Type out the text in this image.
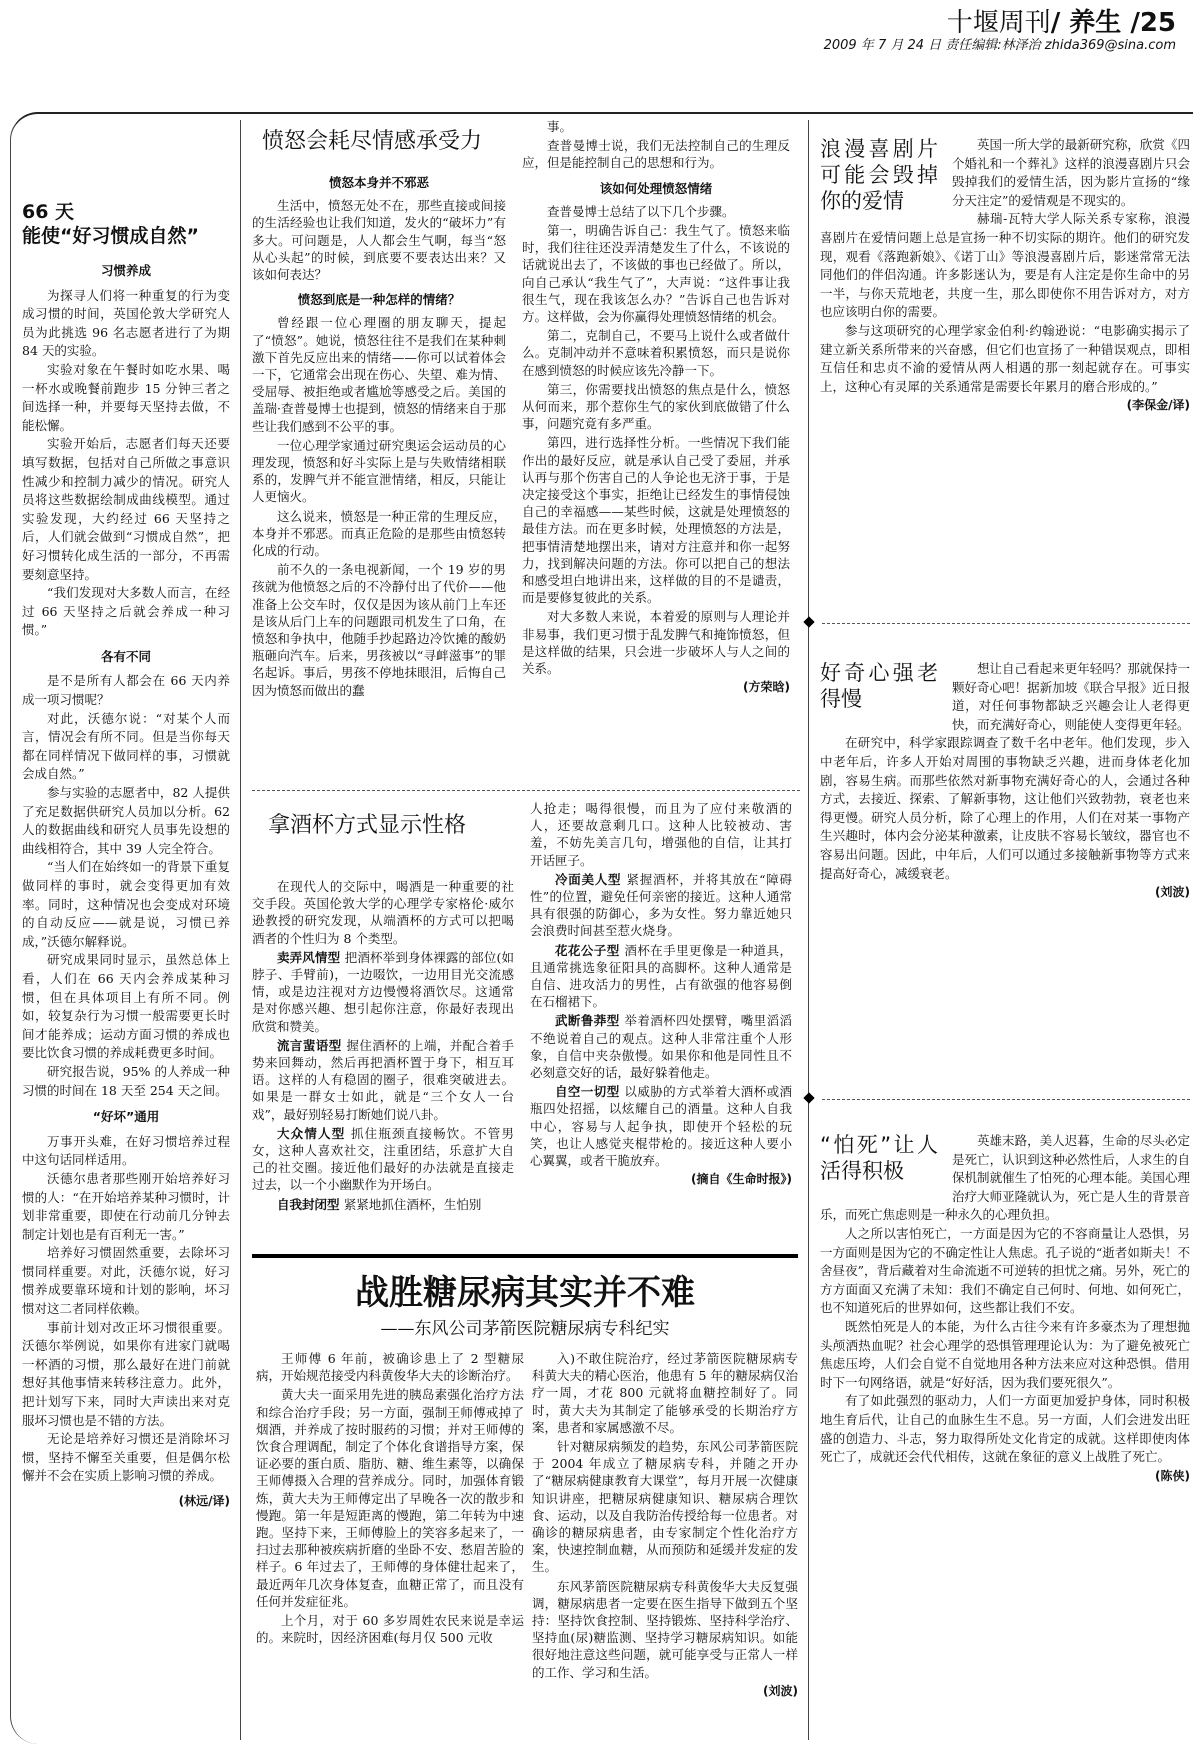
十堰周刊/ 养生 /25
2009 年 7 月 24 日 责任编辑:林泽治 zhida369@sina.com
66 天
能使“好习惯成自然”
习惯养成

为探寻人们将一种重复的行为变成习惯的时间，英国伦敦大学研究人员为此挑选 96 名志愿者进行了为期 84 天的实验。

实验对象在午餐时如吃水果、喝一杯水或晚餐前跑步 15 分钟三者之间选择一种，并要每天坚持去做，不能松懈。

实验开始后，志愿者们每天还要填写数据，包括对自己所做之事意识性减少和控制力减少的情况。研究人员将这些数据绘制成曲线模型。通过实验发现，大约经过 66 天坚持之后，人们就会做到“习惯成自然”，把好习惯转化成生活的一部分，不再需要刻意坚持。

“我们发现对大多数人而言，在经过 66 天坚持之后就会养成一种习惯。”

各有不同

是不是所有人都会在 66 天内养成一项习惯呢？

对此，沃德尔说：“对某个人而言，情况会有所不同。但是当你每天都在同样情况下做同样的事，习惯就会成自然。”

参与实验的志愿者中，82 人提供了充足数据供研究人员加以分析。62 人的数据曲线和研究人员事先设想的曲线相符合，其中 39 人完全符合。

“当人们在始终如一的背景下重复做同样的事时，就会变得更加有效率。同时，这种情况也会变成对环境的自动反应——就是说，习惯已养成，”沃德尔解释说。

研究成果同时显示，虽然总体上看，人们在 66 天内会养成某种习惯，但在具体项目上有所不同。例如，较复杂行为习惯一般需要更长时间才能养成；运动方面习惯的养成也要比饮食习惯的养成耗费更多时间。

研究报告说，95% 的人养成一种习惯的时间在 18 天至 254 天之间。

“好坏”通用

万事开头难，在好习惯培养过程中这句话同样适用。

沃德尔患者那些刚开始培养好习惯的人：“在开始培养某种习惯时，计划非常重要，即使在行动前几分钟去制定计划也是有百利无一害。”

培养好习惯固然重要，去除坏习惯同样重要。对此，沃德尔说，好习惯养成要靠环境和计划的影响，坏习惯对这二者同样依赖。

事前计划对改正坏习惯很重要。沃德尔举例说，如果你有进家门就喝一杯酒的习惯，那么最好在进门前就想好其他事情来转移注意力。此外，把计划写下来，同时大声读出来对克服坏习惯也是不错的方法。

无论是培养好习惯还是消除坏习惯，坚持不懈至关重要，但是偶尔松懈并不会在实质上影响习惯的养成。

(林远/译)
愤怒会耗尽情感承受力
愤怒本身并不邪恶

生活中，愤怒无处不在，那些直接或间接的生活经验也让我们知道，发火的“破坏力”有多大。可问题是，人人都会生气啊，每当“怒从心头起”的时候，到底要不要表达出来？又该如何表达？

愤怒到底是一种怎样的情绪？

曾经跟一位心理圈的朋友聊天，提起了“愤怒”。她说，愤怒往往不是我们在某种刺激下首先反应出来的情绪——你可以试着体会一下，它通常会出现在伤心、失望、难为情、受屈辱、被拒绝或者尴尬等感受之后。美国的盖瑞·查普曼博士也提到，愤怒的情绪来自于那些让我们感到不公平的事。

一位心理学家通过研究奥运会运动员的心理发现，愤怒和好斗实际上是与失败情绪相联系的，发脾气并不能宣泄情绪，相反，只能让人更恼火。

这么说来，愤怒是一种正常的生理反应，本身并不邪恶。而真正危险的是那些由愤怒转化成的行动。

前不久的一条电视新闻，一个 19 岁的男孩就为他愤怒之后的不冷静付出了代价——他准备上公交车时，仅仅是因为该从前门上车还是该从后门上车的问题跟司机发生了口角，在愤怒和争执中，他随手抄起路边冷饮摊的酸奶瓶砸向汽车。后来，男孩被以“寻衅滋事”的罪名起诉。事后，男孩不停地抹眼泪，后悔自己因为愤怒而做出的蠢

事。

查普曼博士说，我们无法控制自己的生理反应，但是能控制自己的思想和行为。

该如何处理愤怒情绪

查普曼博士总结了以下几个步骤。

第一，明确告诉自己：我生气了。愤怒来临时，我们往往还没弄清楚发生了什么，不该说的话就说出去了，不该做的事也已经做了。所以，向自己承认“我生气了”，大声说：“这件事让我很生气，现在我该怎么办？”告诉自己也告诉对方。这样做，会为你赢得处理愤怒情绪的机会。

第二，克制自己，不要马上说什么或者做什么。克制冲动并不意味着积累愤怒，而只是说你在感到愤怒的时候应该先冷静一下。

第三，你需要找出愤怒的焦点是什么，愤怒从何而来，那个惹你生气的家伙到底做错了什么事，问题究竟有多严重。

第四，进行选择性分析。一些情况下我们能作出的最好反应，就是承认自己受了委屈，并承认再与那个伤害自己的人争论也无济于事，于是决定接受这个事实，拒绝让已经发生的事情侵蚀自己的幸福感——某些时候，这就是处理愤怒的最佳方法。而在更多时候，处理愤怒的方法是，把事情清楚地摆出来，请对方注意并和你一起努力，找到解决问题的方法。你可以把自己的想法和感受坦白地讲出来，这样做的目的不是谴责，而是要修复彼此的关系。

对大多数人来说，本着爱的原则与人理论并非易事，我们更习惯于乱发脾气和掩饰愤怒，但是这样做的结果，只会进一步破坏人与人之间的关系。

(方荣晗)
拿酒杯方式显示性格

在现代人的交际中，喝酒是一种重要的社交手段。英国伦敦大学的心理学专家格伦·威尔逊教授的研究发现，从端酒杯的方式可以把喝酒者的个性归为 8 个类型。

卖弄风情型 把酒杯举到身体裸露的部位(如脖子、手臂前)，一边啜饮，一边用目光交流感情，或是边注视对方边慢慢将酒饮尽。这通常是对你感兴趣、想引起你注意，你最好表现出欣赏和赞美。

流言蜚语型 握住酒杯的上端，并配合着手势来回舞动，然后再把酒杯置于身下，相互耳语。这样的人有稳固的圈子，很难突破进去。如果是一群女士如此，就是“三个女人一台戏”，最好别轻易打断她们说八卦。

大众情人型 抓住瓶颈直接畅饮。不管男女，这种人喜欢社交，注重团结，乐意扩大自己的社交圈。接近他们最好的办法就是直接走过去，以一个小幽默作为开场白。

自我封闭型 紧紧地抓住酒杯，生怕别

人抢走；喝得很慢，而且为了应付来敬酒的人，还要故意剩几口。这种人比较被动、害羞，不妨先美言几句，增强他的自信，让其打开话匣子。

冷面美人型 紧握酒杯，并将其放在“障碍性”的位置，避免任何亲密的接近。这种人通常具有很强的防御心，多为女性。努力靠近她只会浪费时间甚至惹火烧身。

花花公子型 酒杯在手里更像是一种道具，且通常挑选象征阳具的高脚杯。这种人通常是自信、进攻活力的男性，占有欲强的他容易倒在石榴裙下。

武断鲁莽型 举着酒杯四处摆臂，嘴里滔滔不绝说着自己的观点。这种人非常注重个人形象，自信中夹杂傲慢。如果你和他是同性且不必刻意交好的话，最好躲着他走。

自空一切型 以威胁的方式举着大酒杯或酒瓶四处招摇，以炫耀自己的酒量。这种人自我中心，容易与人起争执，即使开个轻松的玩笑，也让人感觉夹棍带枪的。接近这种人要小心翼翼，或者干脆放弃。

(摘自《生命时报》)
战胜糖尿病其实并不难
——东风公司茅箭医院糖尿病专科纪实

王师傅 6 年前，被确诊患上了 2 型糖尿病，开始规范接受内科黄俊华大夫的诊断治疗。

黄大夫一面采用先进的胰岛素强化治疗方法和综合治疗手段；另一方面，强制王师傅戒掉了烟酒，并养成了按时服药的习惯；并对王师傅的饮食合理调配，制定了个体化食谱指导方案，保证必要的蛋白质、脂肪、糖、维生素等，以确保王师傅摄入合理的营养成分。同时，加强体育锻炼，黄大夫为王师傅定出了早晚各一次的散步和慢跑。第一年是短距离的慢跑，第二年转为中速跑。坚持下来，王师傅脸上的笑容多起来了，一扫过去那种被疾病折磨的坐卧不安、愁眉苦脸的样子。6 年过去了，王师傅的身体健壮起来了，最近两年几次身体复查，血糖正常了，而且没有任何并发症征兆。

上个月，对于 60 多岁周姓农民来说是幸运的。来院时，因经济困难(每月仅 500 元收

入)不敢住院治疗，经过茅箭医院糖尿病专科黄大夫的精心医治，他患有 5 年的糖尿病仅治疗一周，才花 800 元就将血糖控制好了。同时，黄大夫为其制定了能够承受的长期治疗方案，患者和家属感激不尽。

针对糖尿病频发的趋势，东风公司茅箭医院于 2004 年成立了糖尿病专科，并随之开办了“糖尿病健康教育大课堂”，每月开展一次健康知识讲座，把糖尿病健康知识、糖尿病合理饮食、运动，以及自我防治传授给每一位患者。对确诊的糖尿病患者，由专家制定个性化治疗方案，快速控制血糖，从而预防和延缓并发症的发生。

东风茅箭医院糖尿病专科黄俊华大夫反复强调，糖尿病患者一定要在医生指导下做到五个坚持：坚持饮食控制、坚持锻炼、坚持科学治疗、坚持血(尿)糖监测、坚持学习糖尿病知识。如能很好地注意这些问题，就可能享受与正常人一样的工作、学习和生活。

(刘波)
浪漫喜剧片可能会毁掉你的爱情

英国一所大学的最新研究称，欣赏《四个婚礼和一个葬礼》这样的浪漫喜剧片只会毁掉我们的爱情生活，因为影片宣扬的“缘分天注定”的爱情观是不现实的。

赫瑞-瓦特大学人际关系专家称，浪漫喜剧片在爱情问题上总是宣扬一种不切实际的期许。他们的研究发现，观看《落跑新娘》、《诺丁山》等浪漫喜剧片后，影迷常常无法同他们的伴侣沟通。许多影迷认为，要是有人注定是你生命中的另一半，与你天荒地老，共度一生，那么即使你不用告诉对方，对方也应该明白你的需要。

参与这项研究的心理学家金伯利·约翰逊说：“电影确实揭示了建立新关系所带来的兴奋感，但它们也宣扬了一种错误观点，即相互信任和忠贞不渝的爱情从两人相遇的那一刻起就存在。可事实上，这种心有灵犀的关系通常是需要长年累月的磨合形成的。”

(李保金/译)
好奇心强老得慢

想让自己看起来更年轻吗？那就保持一颗好奇心吧！据新加坡《联合早报》近日报道，对任何事物都缺乏兴趣会让人老得更快，而充满好奇心，则能使人变得更年轻。

在研究中，科学家跟踪调查了数千名中老年。他们发现，步入中老年后，许多人开始对周围的事物缺乏兴趣，进而身体老化加剧，容易生病。而那些依然对新事物充满好奇心的人，会通过各种方式，去接近、探索、了解新事物，这让他们兴致勃勃，衰老也来得更慢。研究人员分析，除了心理上的作用，人们在对某一事物产生兴趣时，体内会分泌某种激素，让皮肤不容易长皱纹，器官也不容易出问题。因此，中年后，人们可以通过多接触新事物等方式来提高好奇心，减缓衰老。

(刘波)
“怕死”让人活得积极

英雄末路，美人迟暮，生命的尽头必定是死亡，认识到这种必然性后，人求生的自保机制就催生了怕死的心理本能。美国心理治疗大师亚隆就认为，死亡是人生的背景音乐，而死亡焦虑则是一种永久的心理负担。

人之所以害怕死亡，一方面是因为它的不容商量让人恐惧，另一方面则是因为它的不确定性让人焦虑。孔子说的“逝者如斯夫！不舍昼夜”，背后藏着对生命流逝不可逆转的担忧之痛。另外，死亡的方方面面又充满了未知：我们不确定自己何时、何地、如何死亡，也不知道死后的世界如何，这些都让我们不安。

既然怕死是人的本能，为什么古往今来有许多豪杰为了理想抛头颅洒热血呢？社会心理学的恐惧管理理论认为：为了避免被死亡焦虑压垮，人们会自觉不自觉地用各种方法来应对这种恐惧。借用时下一句网络语，就是“好好活，因为我们要死很久”。

有了如此强烈的驱动力，人们一方面更加爱护身体，同时积极地生育后代，让自己的血脉生生不息。另一方面，人们会进发出旺盛的创造力、斗志，努力取得所处文化肯定的成就。这样即使肉体死亡了，成就还会代代相传，这就在象征的意义上战胜了死亡。

(陈侠)
